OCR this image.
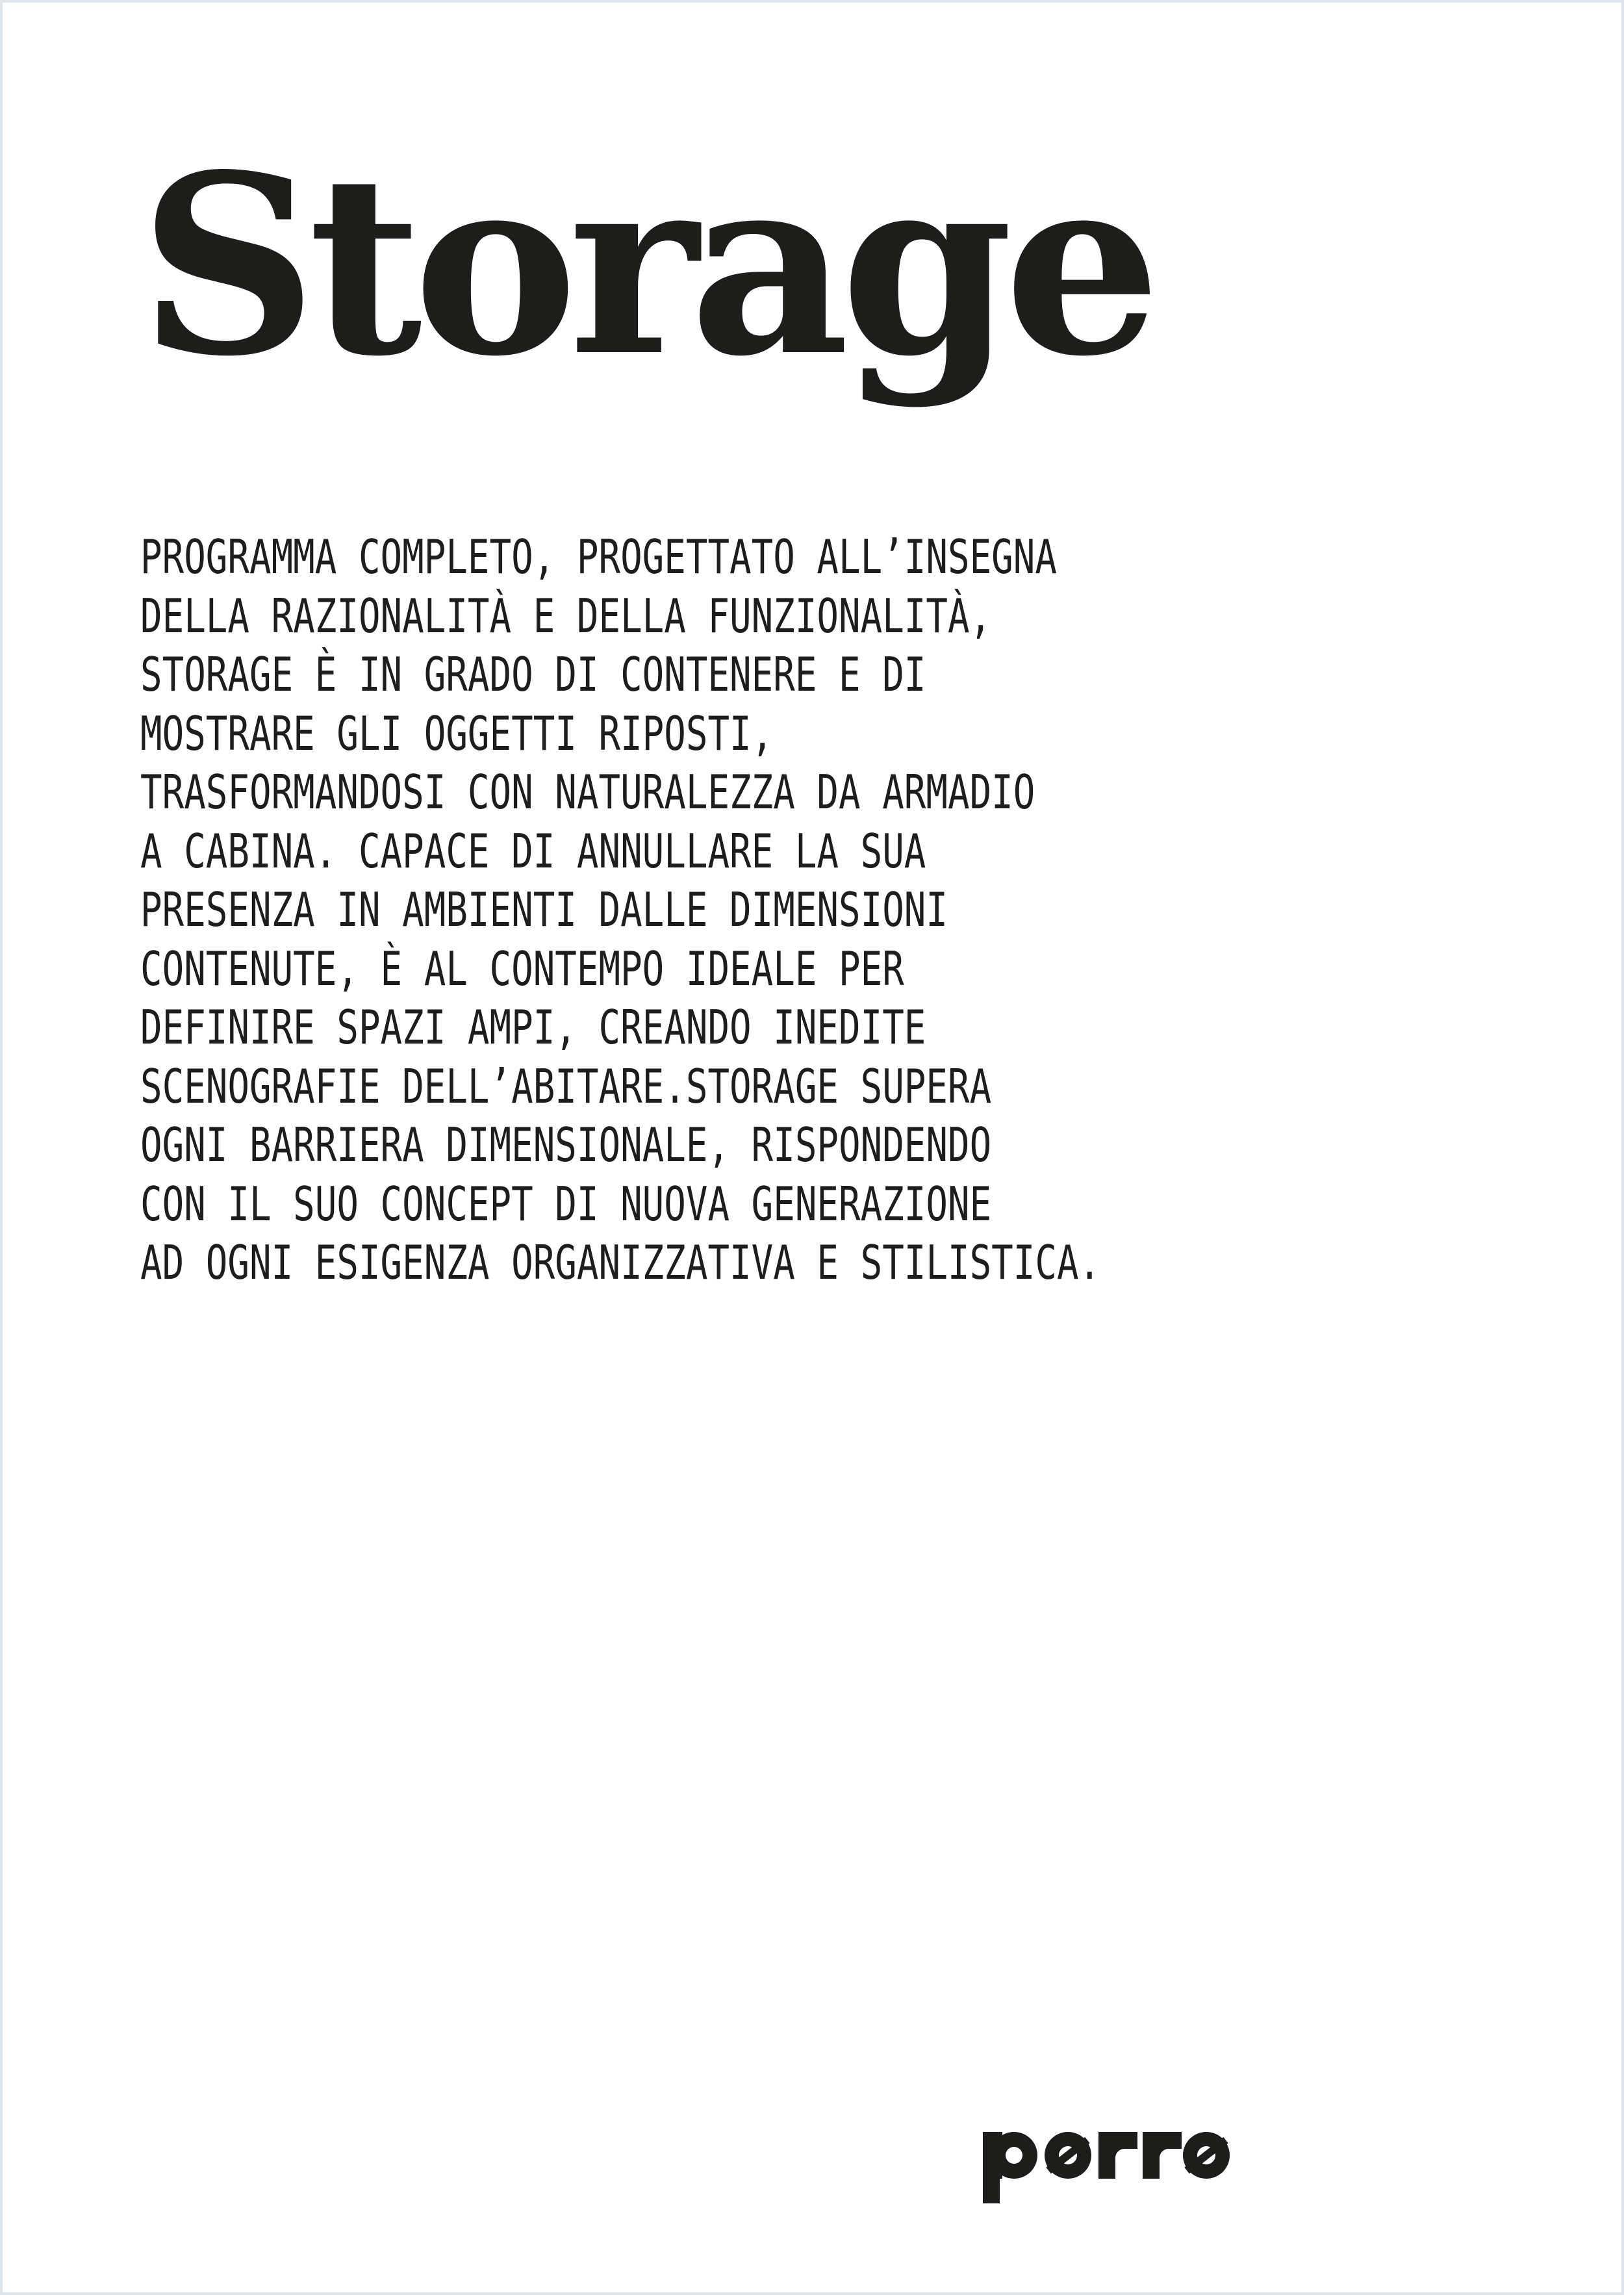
Storage
PROGRAMMA COMPLETO, PROGETTATO ALL’INSEGNA
DELLA RAZIONALITÀ E DELLA FUNZIONALITÀ,
STORAGE È IN GRADO DI CONTENERE E DI
MOSTRARE GLI OGGETTI RIPOSTI,
TRASFORMANDOSI CON NATURALEZZA DA ARMADIO
A CABINA. CAPACE DI ANNULLARE LA SUA
PRESENZA IN AMBIENTI DALLE DIMENSIONI
CONTENUTE, È AL CONTEMPO IDEALE PER
DEFINIRE SPAZI AMPI, CREANDO INEDITE
SCENOGRAFIE DELL’ABITARE.STORAGE SUPERA
OGNI BARRIERA DIMENSIONALE, RISPONDENDO
CON IL SUO CONCEPT DI NUOVA GENERAZIONE
AD OGNI ESIGENZA ORGANIZZATIVA E STILISTICA.
